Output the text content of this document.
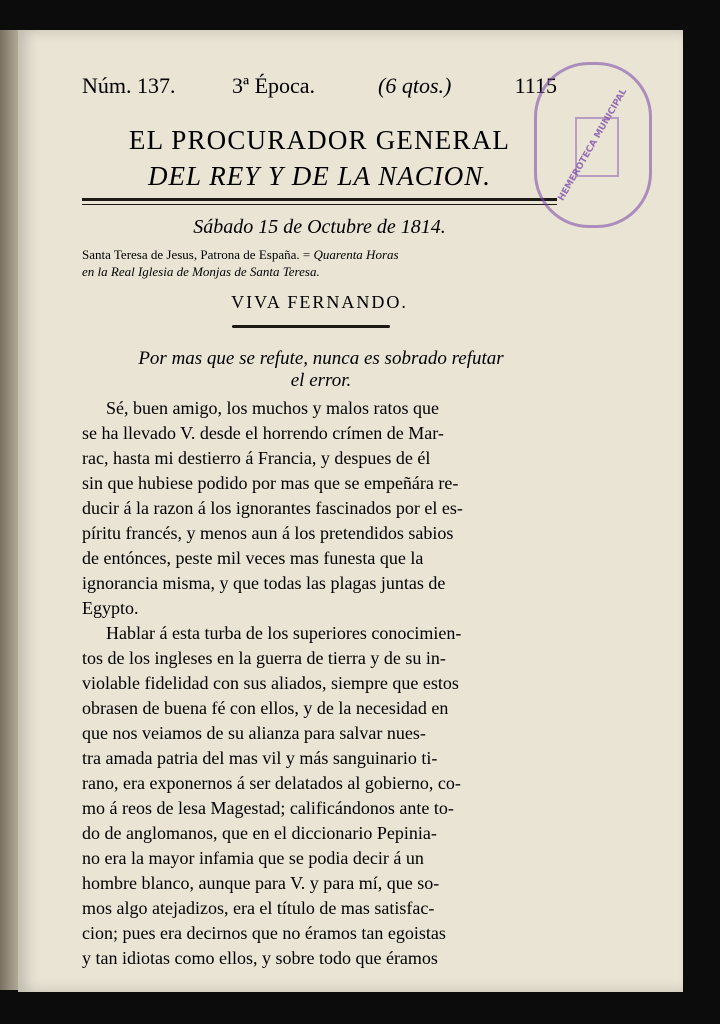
Núm. 137.	3ª Época.	(6 qtos.)	1115
EL PROCURADOR GENERAL
DEL REY Y DE LA NACION.
Sábado 15 de Octubre de 1814.
Santa Teresa de Jesus, Patrona de España. = Quarenta Horas
en la Real Iglesia de Monjas de Santa Teresa.
VIVA FERNANDO.
Por mas que se refute, nunca es sobrado refutar
el error.
Sé, buen amigo, los muchos y malos ratos que
se ha llevado V. desde el horrendo crímen de Mar-
rac, hasta mi destierro á Francia, y despues de él
sin que hubiese podido por mas que se empeñára re-
ducir á la razon á los ignorantes fascinados por el es-
píritu francés, y menos aun á los pretendidos sabios
de entónces, peste mil veces mas funesta que la
ignorancia misma, y que todas las plagas juntas de
Egypto.
Hablar á esta turba de los superiores conocimien-
tos de los ingleses en la guerra de tierra y de su in-
violable fidelidad con sus aliados, siempre que estos
obrasen de buena fé con ellos, y de la necesidad en
que nos veiamos de su alianza para salvar nues-
tra amada patria del mas vil y más sanguinario ti-
rano, era exponernos á ser delatados al gobierno, co-
mo á reos de lesa Magestad; calificándonos ante to-
do de anglomanos, que en el diccionario Pepinia-
no era la mayor infamia que se podia decir á un
hombre blanco, aunque para V. y para mí, que so-
mos algo atejadizos, era el título de mas satisfac-
cion; pues era decirnos que no éramos tan egoistas
y tan idiotas como ellos, y sobre todo que éramos
HEMEROTECA MUNICIPAL
